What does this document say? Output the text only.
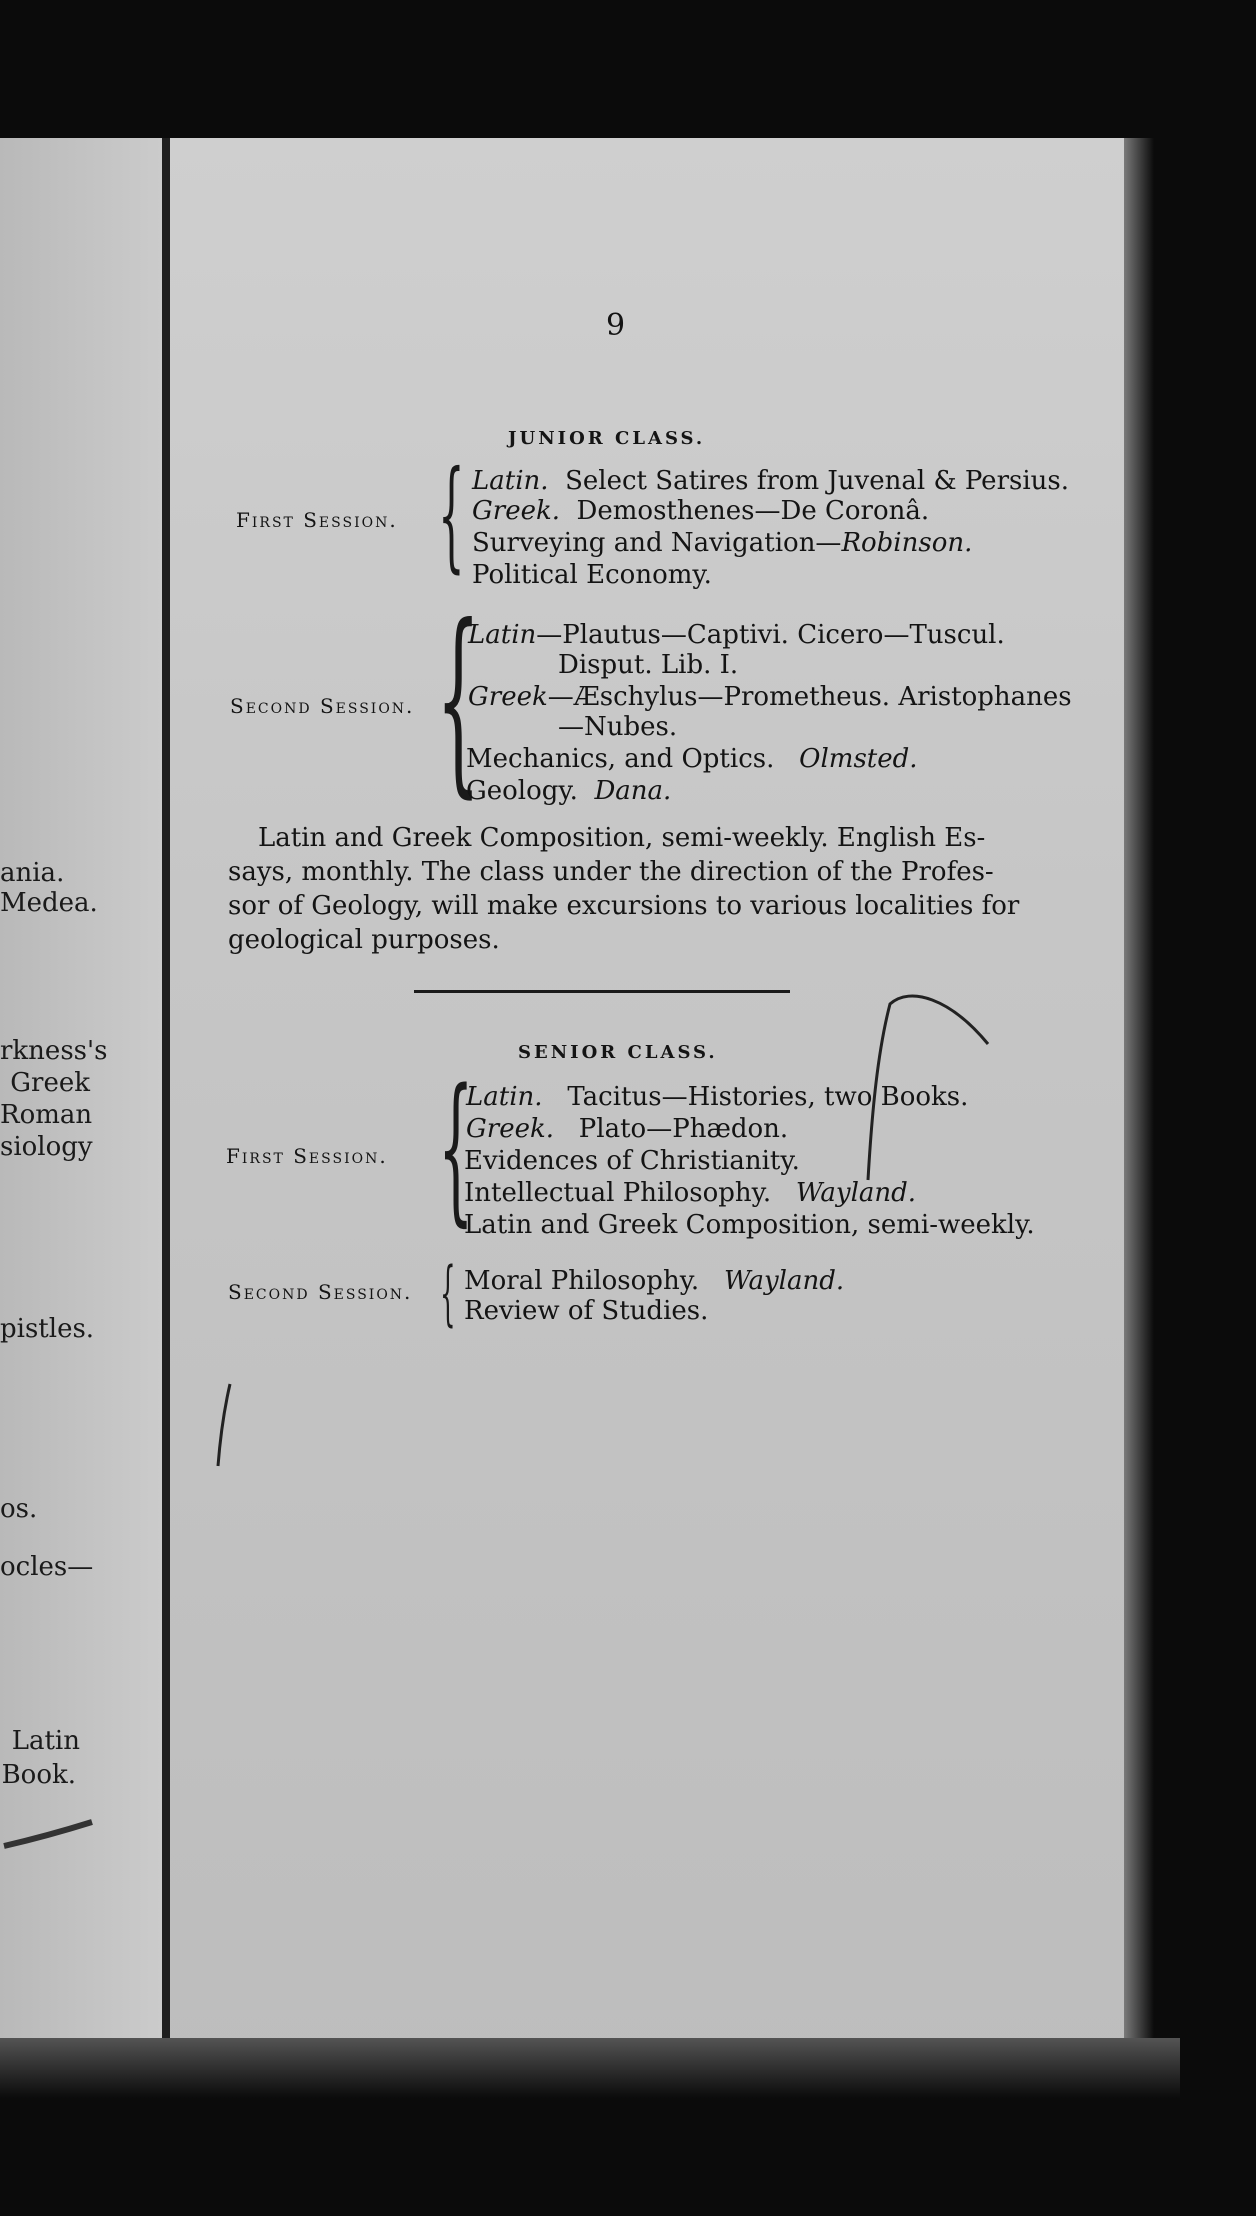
ania.
Medea.
rkness's
Greek
Roman
siology
pistles.
os.
ocles—
Latin
Book.
9
JUNIOR CLASS.
First Session. { Latin. Select Satires from Juvenal & Persius.
Greek. Demosthenes—De Coronâ.
Surveying and Navigation—Robinson.
Political Economy.
Second Session. {
Latin—Plautus—Captivi. Cicero—Tuscul.
Disput. Lib. I.
Greek—Æschylus—Prometheus. Aristophanes
—Nubes.
Mechanics, and Optics. Olmsted.
Geology. Dana.
Latin and Greek Composition, semi-weekly. English Es-
says, monthly. The class under the direction of the Profes-
sor of Geology, will make excursions to various localities for
geological purposes.
SENIOR CLASS.
First Session. {
Latin. Tacitus—Histories, two Books.
Greek. Plato—Phædon.
Evidences of Christianity.
Intellectual Philosophy. Wayland.
Latin and Greek Composition, semi-weekly.
Second Session. { Moral Philosophy. Wayland.
Review of Studies.
